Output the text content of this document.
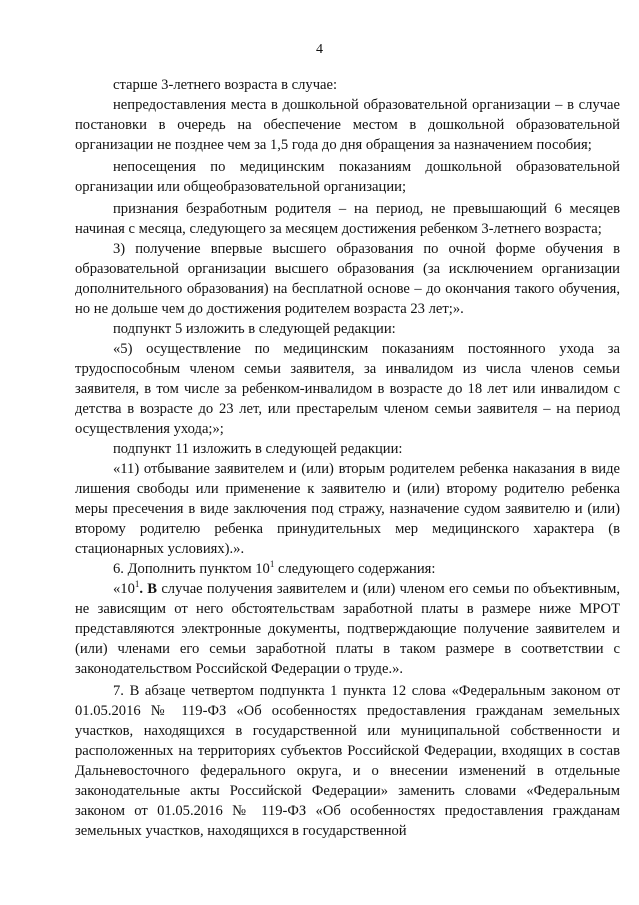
4

старше 3-летнего возраста в случае:

непредоставления места в дошкольной образовательной организации – в случае постановки в очередь на обеспечение местом в дошкольной образовательной организации не позднее чем за 1,5 года до дня обращения за назначением пособия;

непосещения по медицинским показаниям дошкольной образовательной организации или общеобразовательной организации;

признания безработным родителя – на период, не превышающий 6 месяцев начиная с месяца, следующего за месяцем достижения ребенком 3-летнего возраста;

3) получение впервые высшего образования по очной форме обучения в образовательной организации высшего образования (за исключением организации дополнительного образования) на бесплатной основе – до окончания такого обучения, но не дольше чем до достижения родителем возраста 23 лет;».

подпункт 5 изложить в следующей редакции:

«5) осуществление по медицинским показаниям постоянного ухода за трудоспособным членом семьи заявителя, за инвалидом из числа членов семьи заявителя, в том числе за ребенком-инвалидом в возрасте до 18 лет или инвалидом с детства в возрасте до 23 лет, или престарелым членом семьи заявителя – на период осуществления ухода;»;

подпункт 11 изложить в следующей редакции:

«11) отбывание заявителем и (или) вторым родителем ребенка наказания в виде лишения свободы или применение к заявителю и (или) второму родителю ребенка меры пресечения в виде заключения под стражу, назначение судом заявителю и (или) второму родителю ребенка принудительных мер медицинского характера (в стационарных условиях).».

6. Дополнить пунктом $10^1$ следующего содержания:

«$10^1$. В случае получения заявителем и (или) членом его семьи по объективным, не зависящим от него обстоятельствам заработной платы в размере ниже МРОТ представляются электронные документы, подтверждающие получение заявителем и (или) членами его семьи заработной платы в таком размере в соответствии с законодательством Российской Федерации о труде.».

7. В абзаце четвертом подпункта 1 пункта 12 слова «Федеральным законом от 01.05.2016 № 119-ФЗ «Об особенностях предоставления гражданам земельных участков, находящихся в государственной или муниципальной собственности и расположенных на территориях субъектов Российской Федерации, входящих в состав Дальневосточного федерального округа, и о внесении изменений в отдельные законодательные акты Российской Федерации» заменить словами «Федеральным законом от 01.05.2016 № 119-ФЗ «Об особенностях предоставления гражданам земельных участков, находящихся в государственной
